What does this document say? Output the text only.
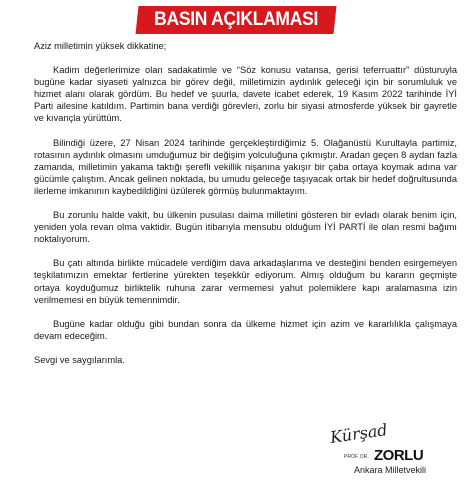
BASIN AÇIKLAMASI

Aziz milletimin yüksek dikkatine;

Kadim değerlerimize olan sadakatimle ve “Söz konusu vatansa, gerisi teferruattır” düsturuyla bugüne kadar siyaseti yalnızca bir görev değil, milletimizin aydınlık geleceği için bir sorumluluk ve hizmet alanı olarak gördüm. Bu hedef ve şuurla, davete icabet ederek, 19 Kasım 2022 tarihinde İYİ Parti ailesine katıldım. Partimin bana verdiği görevleri, zorlu bir siyasi atmosferde yüksek bir gayretle ve kıvançla yürüttüm.

Bilindiği üzere, 27 Nisan 2024 tarihinde gerçekleştirdiğimiz 5. Olağanüstü Kurultayla partimiz, rotasının aydınlık olmasını umduğumuz bir değişim yolculuğuna çıkmıştır. Aradan geçen 8 aydan fazla zamanda, milletimin yakama taktığı şerefli vekillik nişanına yakışır bir çaba ortaya koymak adına var gücümle çalıştım. Ancak gelinen noktada, bu umudu geleceğe taşıyacak ortak bir hedef doğrultusunda ilerleme imkanının kaybedildiğini üzülerek görmüş bulunmaktayım.

Bu zorunlu halde vakit, bu ülkenin pusulası daima milletini gösteren bir evladı olarak benim için, yeniden yola revan olma vaktidir. Bugün itibarıyla mensubu olduğum İYİ PARTİ ile olan resmi bağımı noktalıyorum.

Bu çatı altında birlikte mücadele verdiğim dava arkadaşlarıma ve desteğini benden esirgemeyen teşkilatımızın emektar fertlerine yürekten teşekkür ediyorum. Almış olduğum bu kararın geçmişte ortaya koyduğumuz birliktelik ruhuna zarar vermemesi yahut polemiklere kapı aralamasına izin verilmemesi en büyük temennimdir.

Bugüne kadar olduğu gibi bundan sonra da ülkeme hizmet için azim ve kararlılıkla çalışmaya devam edeceğim.

Sevgi ve saygılarımla.

Kürşad
PROF. DR. ZORLU
Ankara Milletvekili
